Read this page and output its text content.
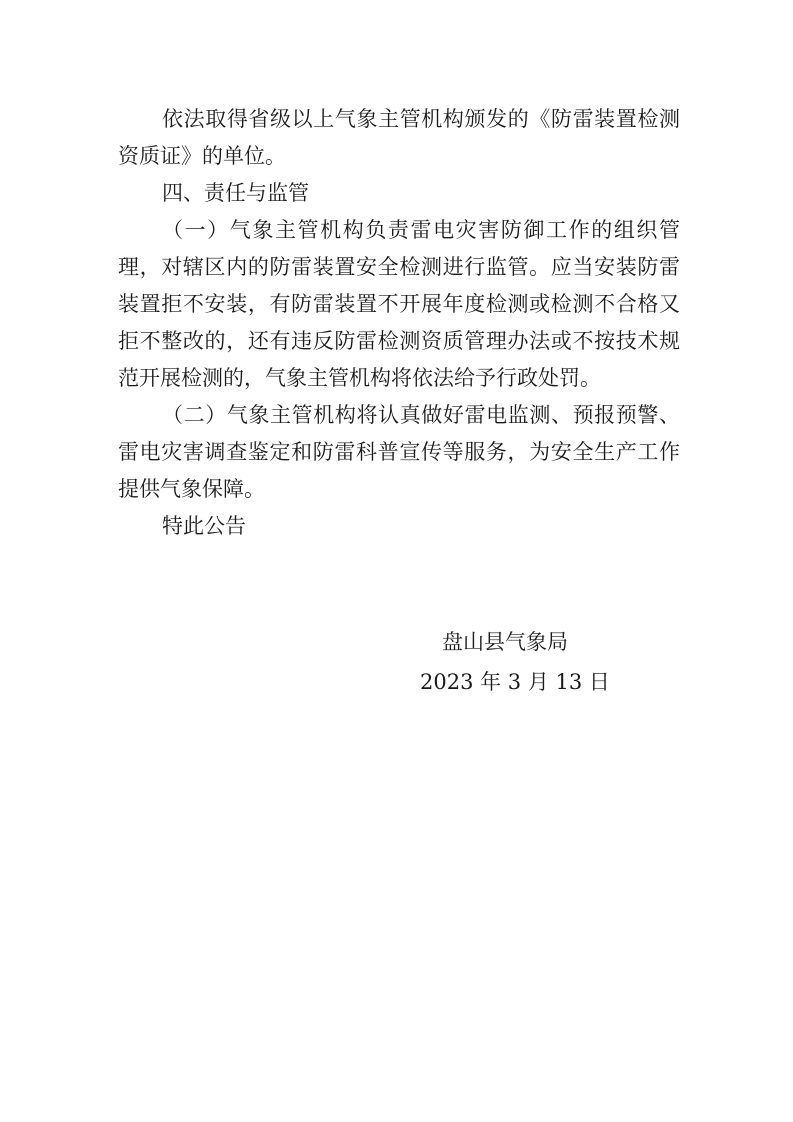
依法取得省级以上气象主管机构颁发的《防雷装置检测
资质证》的单位。
四、责任与监管
（一）气象主管机构负责雷电灾害防御工作的组织管
理，对辖区内的防雷装置安全检测进行监管。应当安装防雷
装置拒不安装，有防雷装置不开展年度检测或检测不合格又
拒不整改的，还有违反防雷检测资质管理办法或不按技术规
范开展检测的，气象主管机构将依法给予行政处罚。
（二）气象主管机构将认真做好雷电监测、预报预警、
雷电灾害调查鉴定和防雷科普宣传等服务，为安全生产工作
提供气象保障。
特此公告
盘山县气象局
2023 年 3 月 13 日
